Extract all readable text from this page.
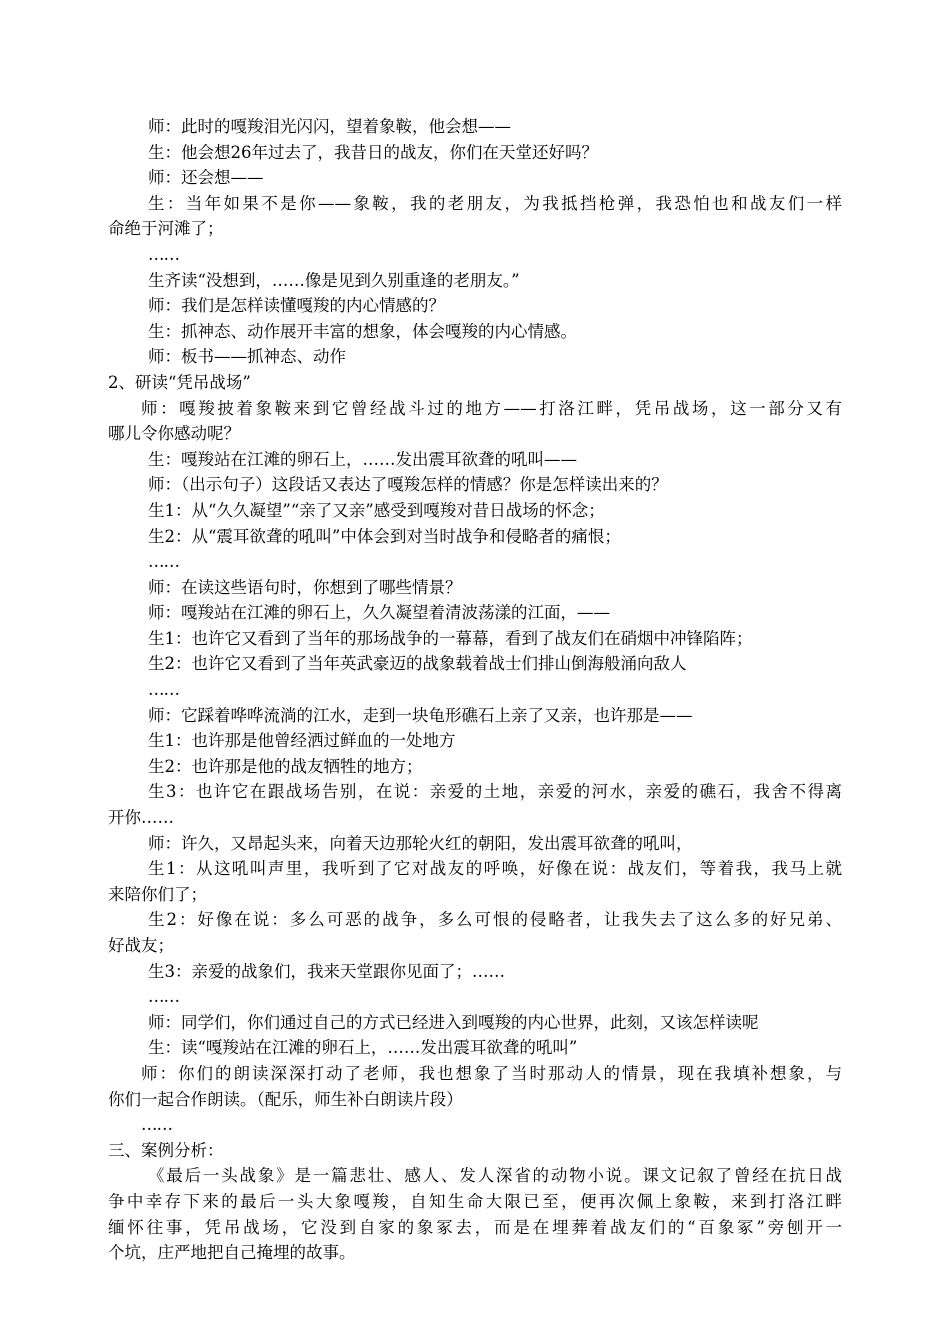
师：此时的嘎羧泪光闪闪，望着象鞍，他会想——
生：他会想26年过去了，我昔日的战友，你们在天堂还好吗？
师：还会想——
生：当年如果不是你——象鞍，我的老朋友，为我抵挡枪弹，我恐怕也和战友们一样
命绝于河滩了；
……
生齐读“没想到，……像是见到久别重逢的老朋友。”
师：我们是怎样读懂嘎羧的内心情感的？
生：抓神态、动作展开丰富的想象，体会嘎羧的内心情感。
师：板书——抓神态、动作
2、研读“凭吊战场”
师：嘎羧披着象鞍来到它曾经战斗过的地方——打洛江畔，凭吊战场，这一部分又有
哪儿令你感动呢？
生：嘎羧站在江滩的卵石上，……发出震耳欲聋的吼叫——
师：（出示句子）这段话又表达了嘎羧怎样的情感？你是怎样读出来的？
生1：从“久久凝望”“亲了又亲”感受到嘎羧对昔日战场的怀念；
生2：从“震耳欲聋的吼叫”中体会到对当时战争和侵略者的痛恨；
……
师：在读这些语句时，你想到了哪些情景？
师：嘎羧站在江滩的卵石上，久久凝望着清波荡漾的江面，——
生1：也许它又看到了当年的那场战争的一幕幕，看到了战友们在硝烟中冲锋陷阵；
生2：也许它又看到了当年英武豪迈的战象载着战士们排山倒海般涌向敌人
……
师：它踩着哗哗流淌的江水，走到一块龟形礁石上亲了又亲，也许那是——
生1：也许那是他曾经洒过鲜血的一处地方
生2：也许那是他的战友牺牲的地方；
生3：也许它在跟战场告别，在说：亲爱的土地，亲爱的河水，亲爱的礁石，我舍不得离
开你……
师：许久，又昂起头来，向着天边那轮火红的朝阳，发出震耳欲聋的吼叫，
生1：从这吼叫声里，我听到了它对战友的呼唤，好像在说：战友们，等着我，我马上就
来陪你们了；
生2：好像在说：多么可恶的战争，多么可恨的侵略者，让我失去了这么多的好兄弟、
好战友；
生3：亲爱的战象们，我来天堂跟你见面了；……
……
师：同学们，你们通过自己的方式已经进入到嘎羧的内心世界，此刻，又该怎样读呢
生：读“嘎羧站在江滩的卵石上，……发出震耳欲聋的吼叫”
师：你们的朗读深深打动了老师，我也想象了当时那动人的情景，现在我填补想象，与
你们一起合作朗读。（配乐，师生补白朗读片段）
……
三、案例分析：
《最后一头战象》是一篇悲壮、感人、发人深省的动物小说。课文记叙了曾经在抗日战
争中幸存下来的最后一头大象嘎羧，自知生命大限已至，便再次佩上象鞍，来到打洛江畔
缅怀往事，凭吊战场，它没到自家的象冢去，而是在埋葬着战友们的“百象冢”旁刨开一
个坑，庄严地把自己掩埋的故事。
